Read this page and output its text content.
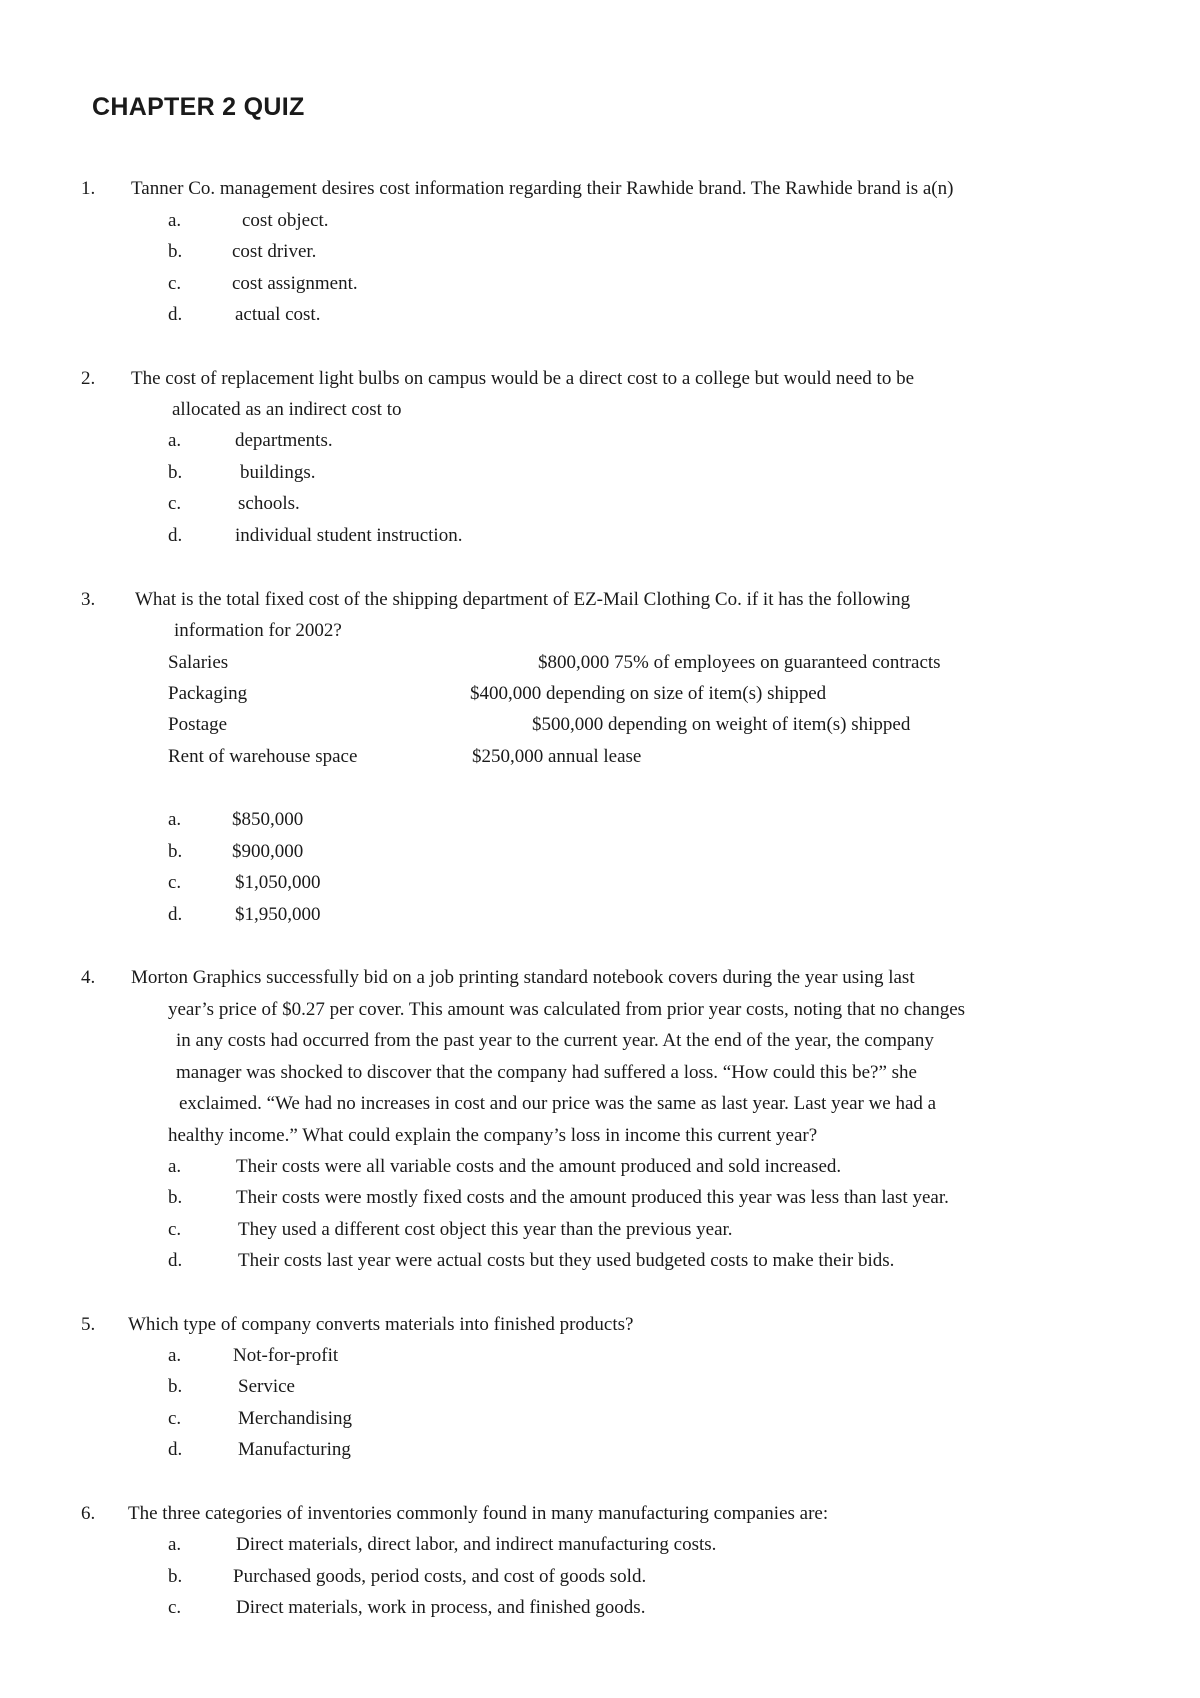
CHAPTER 2 QUIZ
1. Tanner Co. management desires cost information regarding their Rawhide brand. The Rawhide brand is a(n)
a.	cost object.
b.	cost driver.
c.	cost assignment.
d.	actual cost.
2. The cost of replacement light bulbs on campus would be a direct cost to a college but would need to be
allocated as an indirect cost to
a.	departments.
b.	buildings.
c.	schools.
d.	individual student instruction.
3. What is the total fixed cost of the shipping department of EZ-Mail Clothing Co. if it has the following
information for 2002?
Salaries	$800,000 75% of employees on guaranteed contracts
Packaging	$400,000 depending on size of item(s) shipped
Postage	$500,000 depending on weight of item(s) shipped
Rent of warehouse space	$250,000 annual lease
a.	$850,000
b.	$900,000
c.	$1,050,000
d.	$1,950,000
4. Morton Graphics successfully bid on a job printing standard notebook covers during the year using last
year’s price of $0.27 per cover. This amount was calculated from prior year costs, noting that no changes
in any costs had occurred from the past year to the current year. At the end of the year, the company
manager was shocked to discover that the company had suffered a loss. “How could this be?” she
exclaimed. “We had no increases in cost and our price was the same as last year. Last year we had a
healthy income.” What could explain the company’s loss in income this current year?
a.	Their costs were all variable costs and the amount produced and sold increased.
b.	Their costs were mostly fixed costs and the amount produced this year was less than last year.
c.	They used a different cost object this year than the previous year.
d.	Their costs last year were actual costs but they used budgeted costs to make their bids.
5. Which type of company converts materials into finished products?
a.	Not-for-profit
b.	Service
c.	Merchandising
d.	Manufacturing
6. The three categories of inventories commonly found in many manufacturing companies are:
a.	Direct materials, direct labor, and indirect manufacturing costs.
b.	Purchased goods, period costs, and cost of goods sold.
c.	Direct materials, work in process, and finished goods.
